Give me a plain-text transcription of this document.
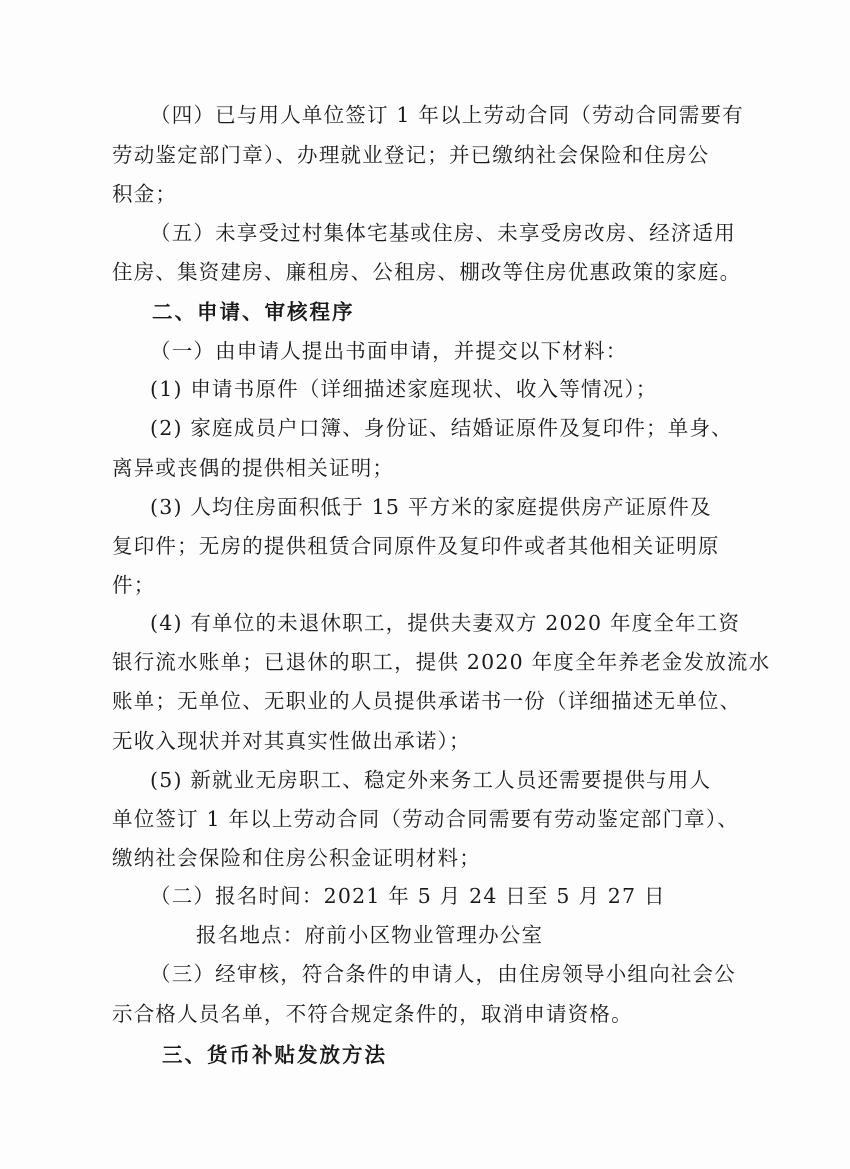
（四）已与用人单位签订 1 年以上劳动合同（劳动合同需要有
劳动鉴定部门章）、办理就业登记；并已缴纳社会保险和住房公
积金；
（五）未享受过村集体宅基或住房、未享受房改房、经济适用
住房、集资建房、廉租房、公租房、棚改等住房优惠政策的家庭。
二、申请、审核程序
（一）由申请人提出书面申请，并提交以下材料：
(1) 申请书原件（详细描述家庭现状、收入等情况）；
(2) 家庭成员户口簿、身份证、结婚证原件及复印件；单身、
离异或丧偶的提供相关证明；
(3) 人均住房面积低于 15 平方米的家庭提供房产证原件及
复印件；无房的提供租赁合同原件及复印件或者其他相关证明原
件；
(4) 有单位的未退休职工，提供夫妻双方 2020 年度全年工资
银行流水账单；已退休的职工，提供 2020 年度全年养老金发放流水
账单；无单位、无职业的人员提供承诺书一份（详细描述无单位、
无收入现状并对其真实性做出承诺）；
(5) 新就业无房职工、稳定外来务工人员还需要提供与用人
单位签订 1 年以上劳动合同（劳动合同需要有劳动鉴定部门章）、
缴纳社会保险和住房公积金证明材料；
（二）报名时间：2021 年 5 月 24 日至 5 月 27 日
报名地点：府前小区物业管理办公室
（三）经审核，符合条件的申请人，由住房领导小组向社会公
示合格人员名单，不符合规定条件的，取消申请资格。
三、货币补贴发放方法
